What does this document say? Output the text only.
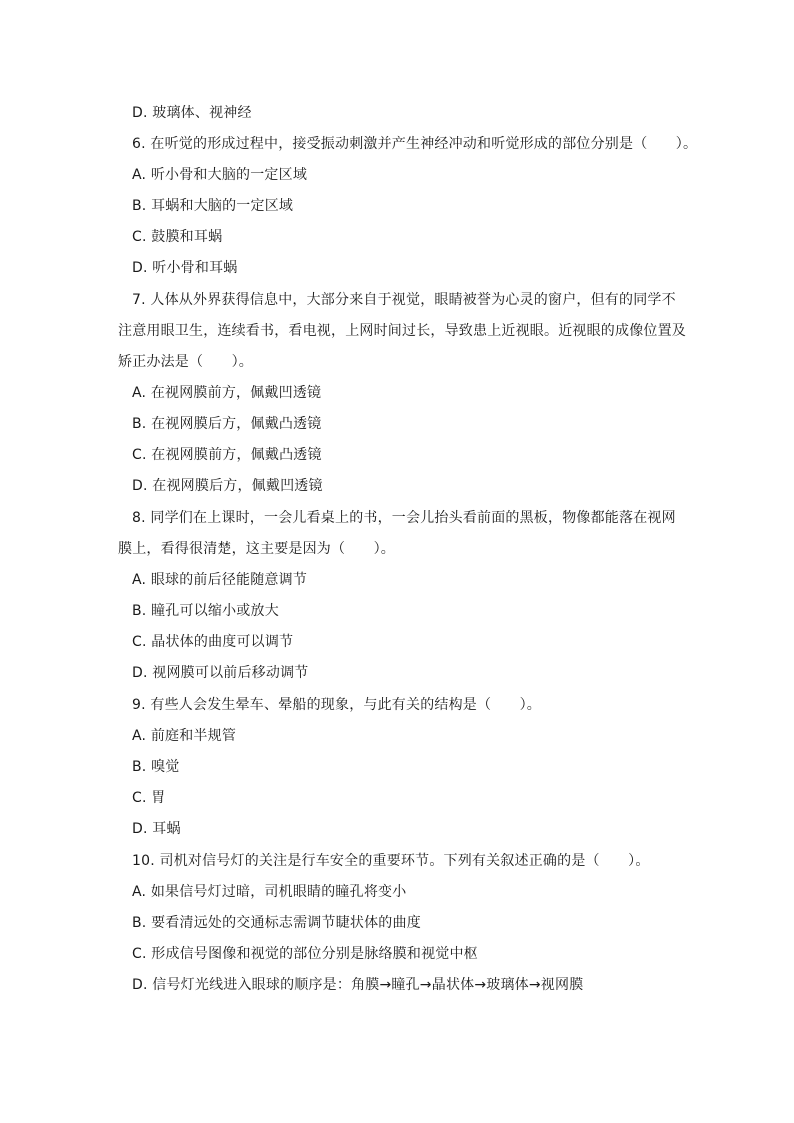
D. 玻璃体、视神经
6. 在听觉的形成过程中，接受振动刺激并产生神经冲动和听觉形成的部位分别是（　　）。
A. 听小骨和大脑的一定区域
B. 耳蜗和大脑的一定区域
C. 鼓膜和耳蜗
D. 听小骨和耳蜗
7. 人体从外界获得信息中，大部分来自于视觉，眼睛被誉为心灵的窗户，但有的同学不
注意用眼卫生，连续看书，看电视，上网时间过长，导致患上近视眼。近视眼的成像位置及
矫正办法是（　　）。
A. 在视网膜前方，佩戴凹透镜
B. 在视网膜后方，佩戴凸透镜
C. 在视网膜前方，佩戴凸透镜
D. 在视网膜后方，佩戴凹透镜
8. 同学们在上课时，一会儿看桌上的书，一会儿抬头看前面的黑板，物像都能落在视网
膜上，看得很清楚，这主要是因为（　　）。
A. 眼球的前后径能随意调节
B. 瞳孔可以缩小或放大
C. 晶状体的曲度可以调节
D. 视网膜可以前后移动调节
9. 有些人会发生晕车、晕船的现象，与此有关的结构是（　　）。
A. 前庭和半规管
B. 嗅觉
C. 胃
D. 耳蜗
10. 司机对信号灯的关注是行车安全的重要环节。下列有关叙述正确的是（　　）。
A. 如果信号灯过暗，司机眼睛的瞳孔将变小
B. 要看清远处的交通标志需调节睫状体的曲度
C. 形成信号图像和视觉的部位分别是脉络膜和视觉中枢
D. 信号灯光线进入眼球的顺序是：角膜→瞳孔→晶状体→玻璃体→视网膜
